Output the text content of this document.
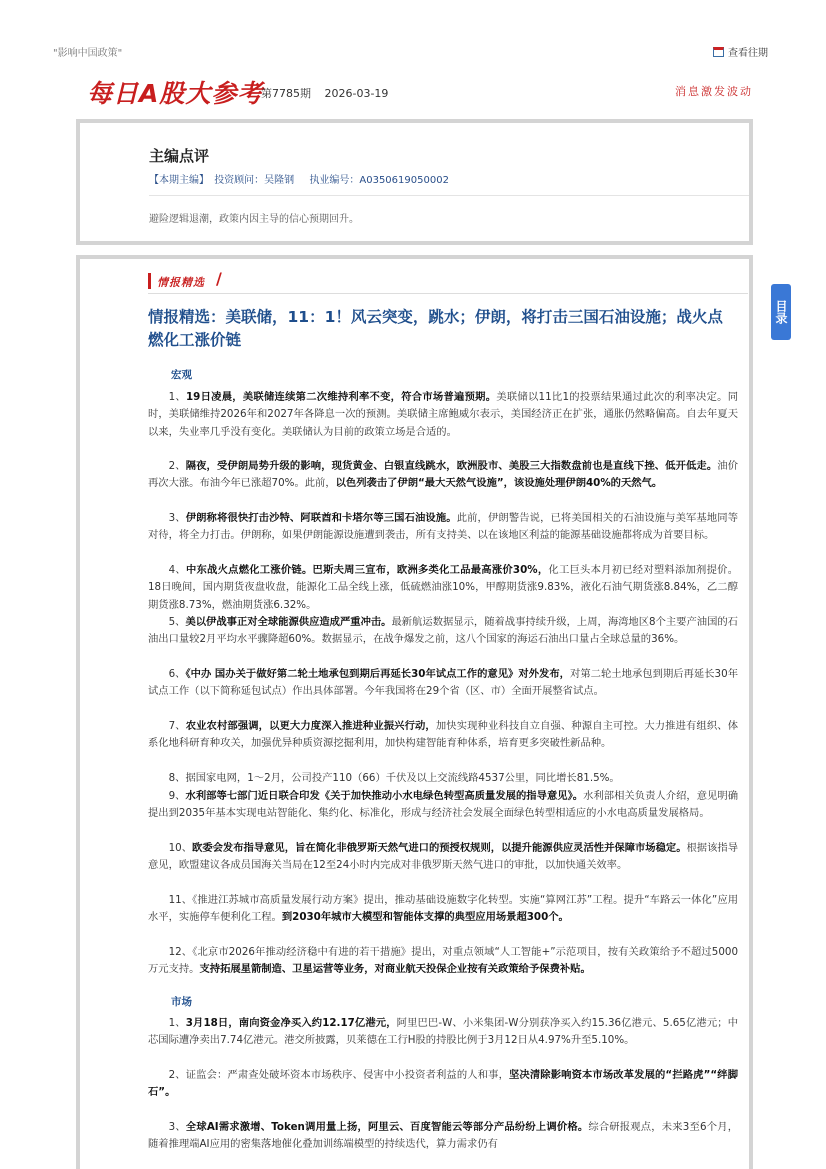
"影响中国政策"	查看往期
每日A股大参考
第7785期 2026-03-19	消息激发波动
主编点评
【本期主编】 投资顾问：吴隆钢 执业编号：A0350619050002
避险逻辑退潮，政策内因主导的信心预期回升。
情报精选 /
情报精选：美联储，11：1！风云突变，跳水；伊朗，将打击三国石油设施；战火点燃化工涨价链
宏观

1、19日凌晨，美联储连续第二次维持利率不变，符合市场普遍预期。美联储以11比1的投票结果通过此次的利率决定。同时，美联储维持2026年和2027年各降息一次的预测。美联储主席鲍威尔表示，美国经济正在扩张，通胀仍然略偏高。自去年夏天以来，失业率几乎没有变化。美联储认为目前的政策立场是合适的。

2、隔夜，受伊朗局势升级的影响，现货黄金、白银直线跳水，欧洲股市、美股三大指数盘前也是直线下挫、低开低走。油价再次大涨。布油今年已涨超70%。此前，以色列袭击了伊朗“最大天然气设施”，该设施处理伊朗40%的天然气。

3、伊朗称将很快打击沙特、阿联酋和卡塔尔等三国石油设施。此前，伊朗警告说，已将美国相关的石油设施与美军基地同等对待，将全力打击。伊朗称，如果伊朗能源设施遭到袭击，所有支持美、以在该地区利益的能源基础设施都将成为首要目标。

4、中东战火点燃化工涨价链。巴斯夫周三宣布，欧洲多类化工品最高涨价30%，化工巨头本月初已经对塑料添加剂提价。18日晚间，国内期货夜盘收盘，能源化工品全线上涨，低硫燃油涨10%，甲醇期货涨9.83%，液化石油气期货涨8.84%，乙二醇期货涨8.73%，燃油期货涨6.32%。

5、美以伊战事正对全球能源供应造成严重冲击。最新航运数据显示，随着战事持续升级，上周，海湾地区8个主要产油国的石油出口量较2月平均水平骤降超60%。数据显示，在战争爆发之前，这八个国家的海运石油出口量占全球总量的36%。

6、《中办 国办关于做好第二轮土地承包到期后再延长30年试点工作的意见》对外发布，对第二轮土地承包到期后再延长30年试点工作（以下简称延包试点）作出具体部署。今年我国将在29个省（区、市）全面开展整省试点。

7、农业农村部强调，以更大力度深入推进种业振兴行动，加快实现种业科技自立自强、种源自主可控。大力推进有组织、体系化地科研育种攻关，加强优异种质资源挖掘利用，加快构建智能育种体系，培育更多突破性新品种。

8、据国家电网，1～2月，公司投产110（66）千伏及以上交流线路4537公里，同比增长81.5%。

9、水利部等七部门近日联合印发《关于加快推动小水电绿色转型高质量发展的指导意见》。水利部相关负责人介绍，意见明确提出到2035年基本实现电站智能化、集约化、标准化，形成与经济社会发展全面绿色转型相适应的小水电高质量发展格局。

10、欧委会发布指导意见，旨在简化非俄罗斯天然气进口的预授权规则，以提升能源供应灵活性并保障市场稳定。根据该指导意见，欧盟建议各成员国海关当局在12至24小时内完成对非俄罗斯天然气进口的审批，以加快通关效率。

11、《推进江苏城市高质量发展行动方案》提出，推动基础设施数字化转型。实施“算网江苏”工程。提升“车路云一体化”应用水平，实施停车便利化工程。到2030年城市大模型和智能体支撑的典型应用场景超300个。

12、《北京市2026年推动经济稳中有进的若干措施》提出，对重点领域“人工智能+”示范项目，按有关政策给予不超过5000万元支持。支持拓展星箭制造、卫星运营等业务，对商业航天投保企业按有关政策给予保费补贴。

市场

1、3月18日，南向资金净买入约12.17亿港元，阿里巴巴-W、小米集团-W分别获净买入约15.36亿港元、5.65亿港元；中芯国际遭净卖出7.74亿港元。港交所披露，贝莱德在工行H股的持股比例于3月12日从4.97%升至5.10%。

2、证监会：严肃查处破坏资本市场秩序、侵害中小投资者利益的人和事，坚决清除影响资本市场改革发展的“拦路虎”“绊脚石”。

3、全球AI需求激增、Token调用量上扬，阿里云、百度智能云等部分产品纷纷上调价格。综合研报观点，未来3至6个月，随着推理端AI应用的密集落地催化叠加训练端模型的持续迭代，算力需求仍有

目录
